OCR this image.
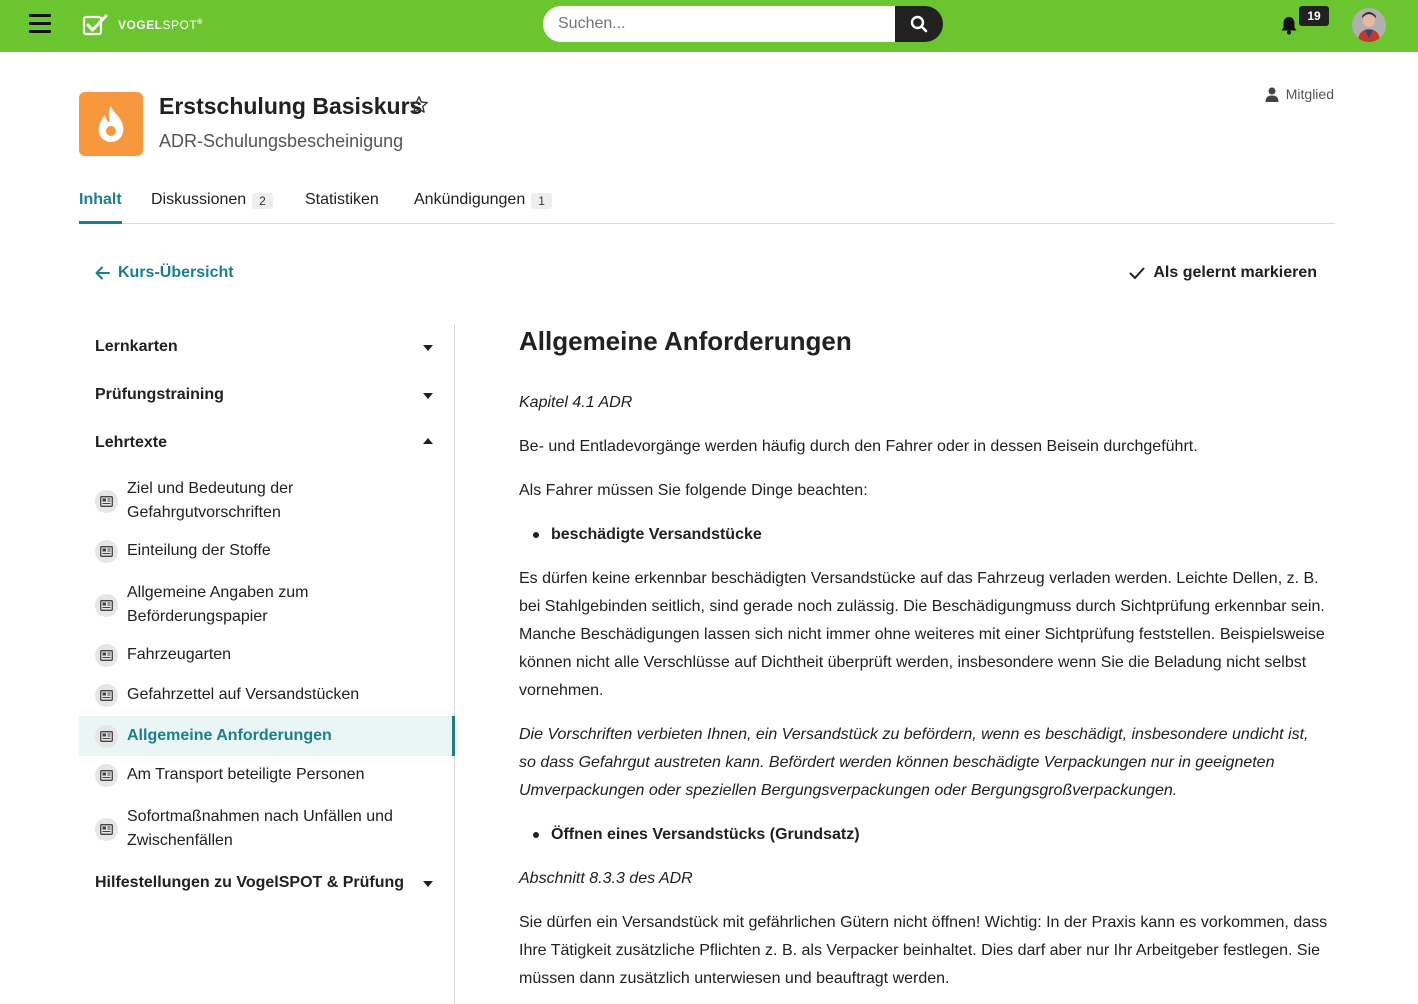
VOGELSPOT®
Suchen...	19
Erstschulung Basiskurs
ADR-Schulungsbescheinigung
Mitglied
Inhalt Diskussionen	2	Statistiken Ankündigungen	1
Kurs-Übersicht	Als gelernt markieren
Lernkarten
Prüfungstraining
Lehrtexte
Ziel und Bedeutung der Gefahrgutvorschriften
Einteilung der Stoffe
Allgemeine Angaben zum Beförderungspapier
Fahrzeugarten
Gefahrzettel auf Versandstücken
Allgemeine Anforderungen
Am Transport beteiligte Personen
Sofortmaßnahmen nach Unfällen und Zwischenfällen
Hilfestellungen zu VogelSPOT & Prüfung
Allgemeine Anforderungen
Kapitel 4.1 ADR
Be- und Entladevorgänge werden häufig durch den Fahrer oder in dessen Beisein durchgeführt.
Als Fahrer müssen Sie folgende Dinge beachten:
beschädigte Versandstücke
Es dürfen keine erkennbar beschädigten Versandstücke auf das Fahrzeug verladen werden. Leichte Dellen, z. B. bei Stahlgebinden seitlich, sind gerade noch zulässig. Die Beschädigungmuss durch Sichtprüfung erkennbar sein. Manche Beschädigungen lassen sich nicht immer ohne weiteres mit einer Sichtprüfung feststellen. Beispielsweise können nicht alle Verschlüsse auf Dichtheit überprüft werden, insbesondere wenn Sie die Beladung nicht selbst vornehmen.
Die Vorschriften verbieten Ihnen, ein Versandstück zu befördern, wenn es beschädigt, insbesondere undicht ist, so dass Gefahrgut austreten kann. Befördert werden können beschädigte Verpackungen nur in geeigneten Umverpackungen oder speziellen Bergungsverpackungen oder Bergungsgroßverpackungen.
Öffnen eines Versandstücks (Grundsatz)
Abschnitt 8.3.3 des ADR
Sie dürfen ein Versandstück mit gefährlichen Gütern nicht öffnen! Wichtig: In der Praxis kann es vorkommen, dass Ihre Tätigkeit zusätzliche Pflichten z. B. als Verpacker beinhaltet. Dies darf aber nur Ihr Arbeitgeber festlegen. Sie müssen dann zusätzlich unterwiesen und beauftragt werden.
